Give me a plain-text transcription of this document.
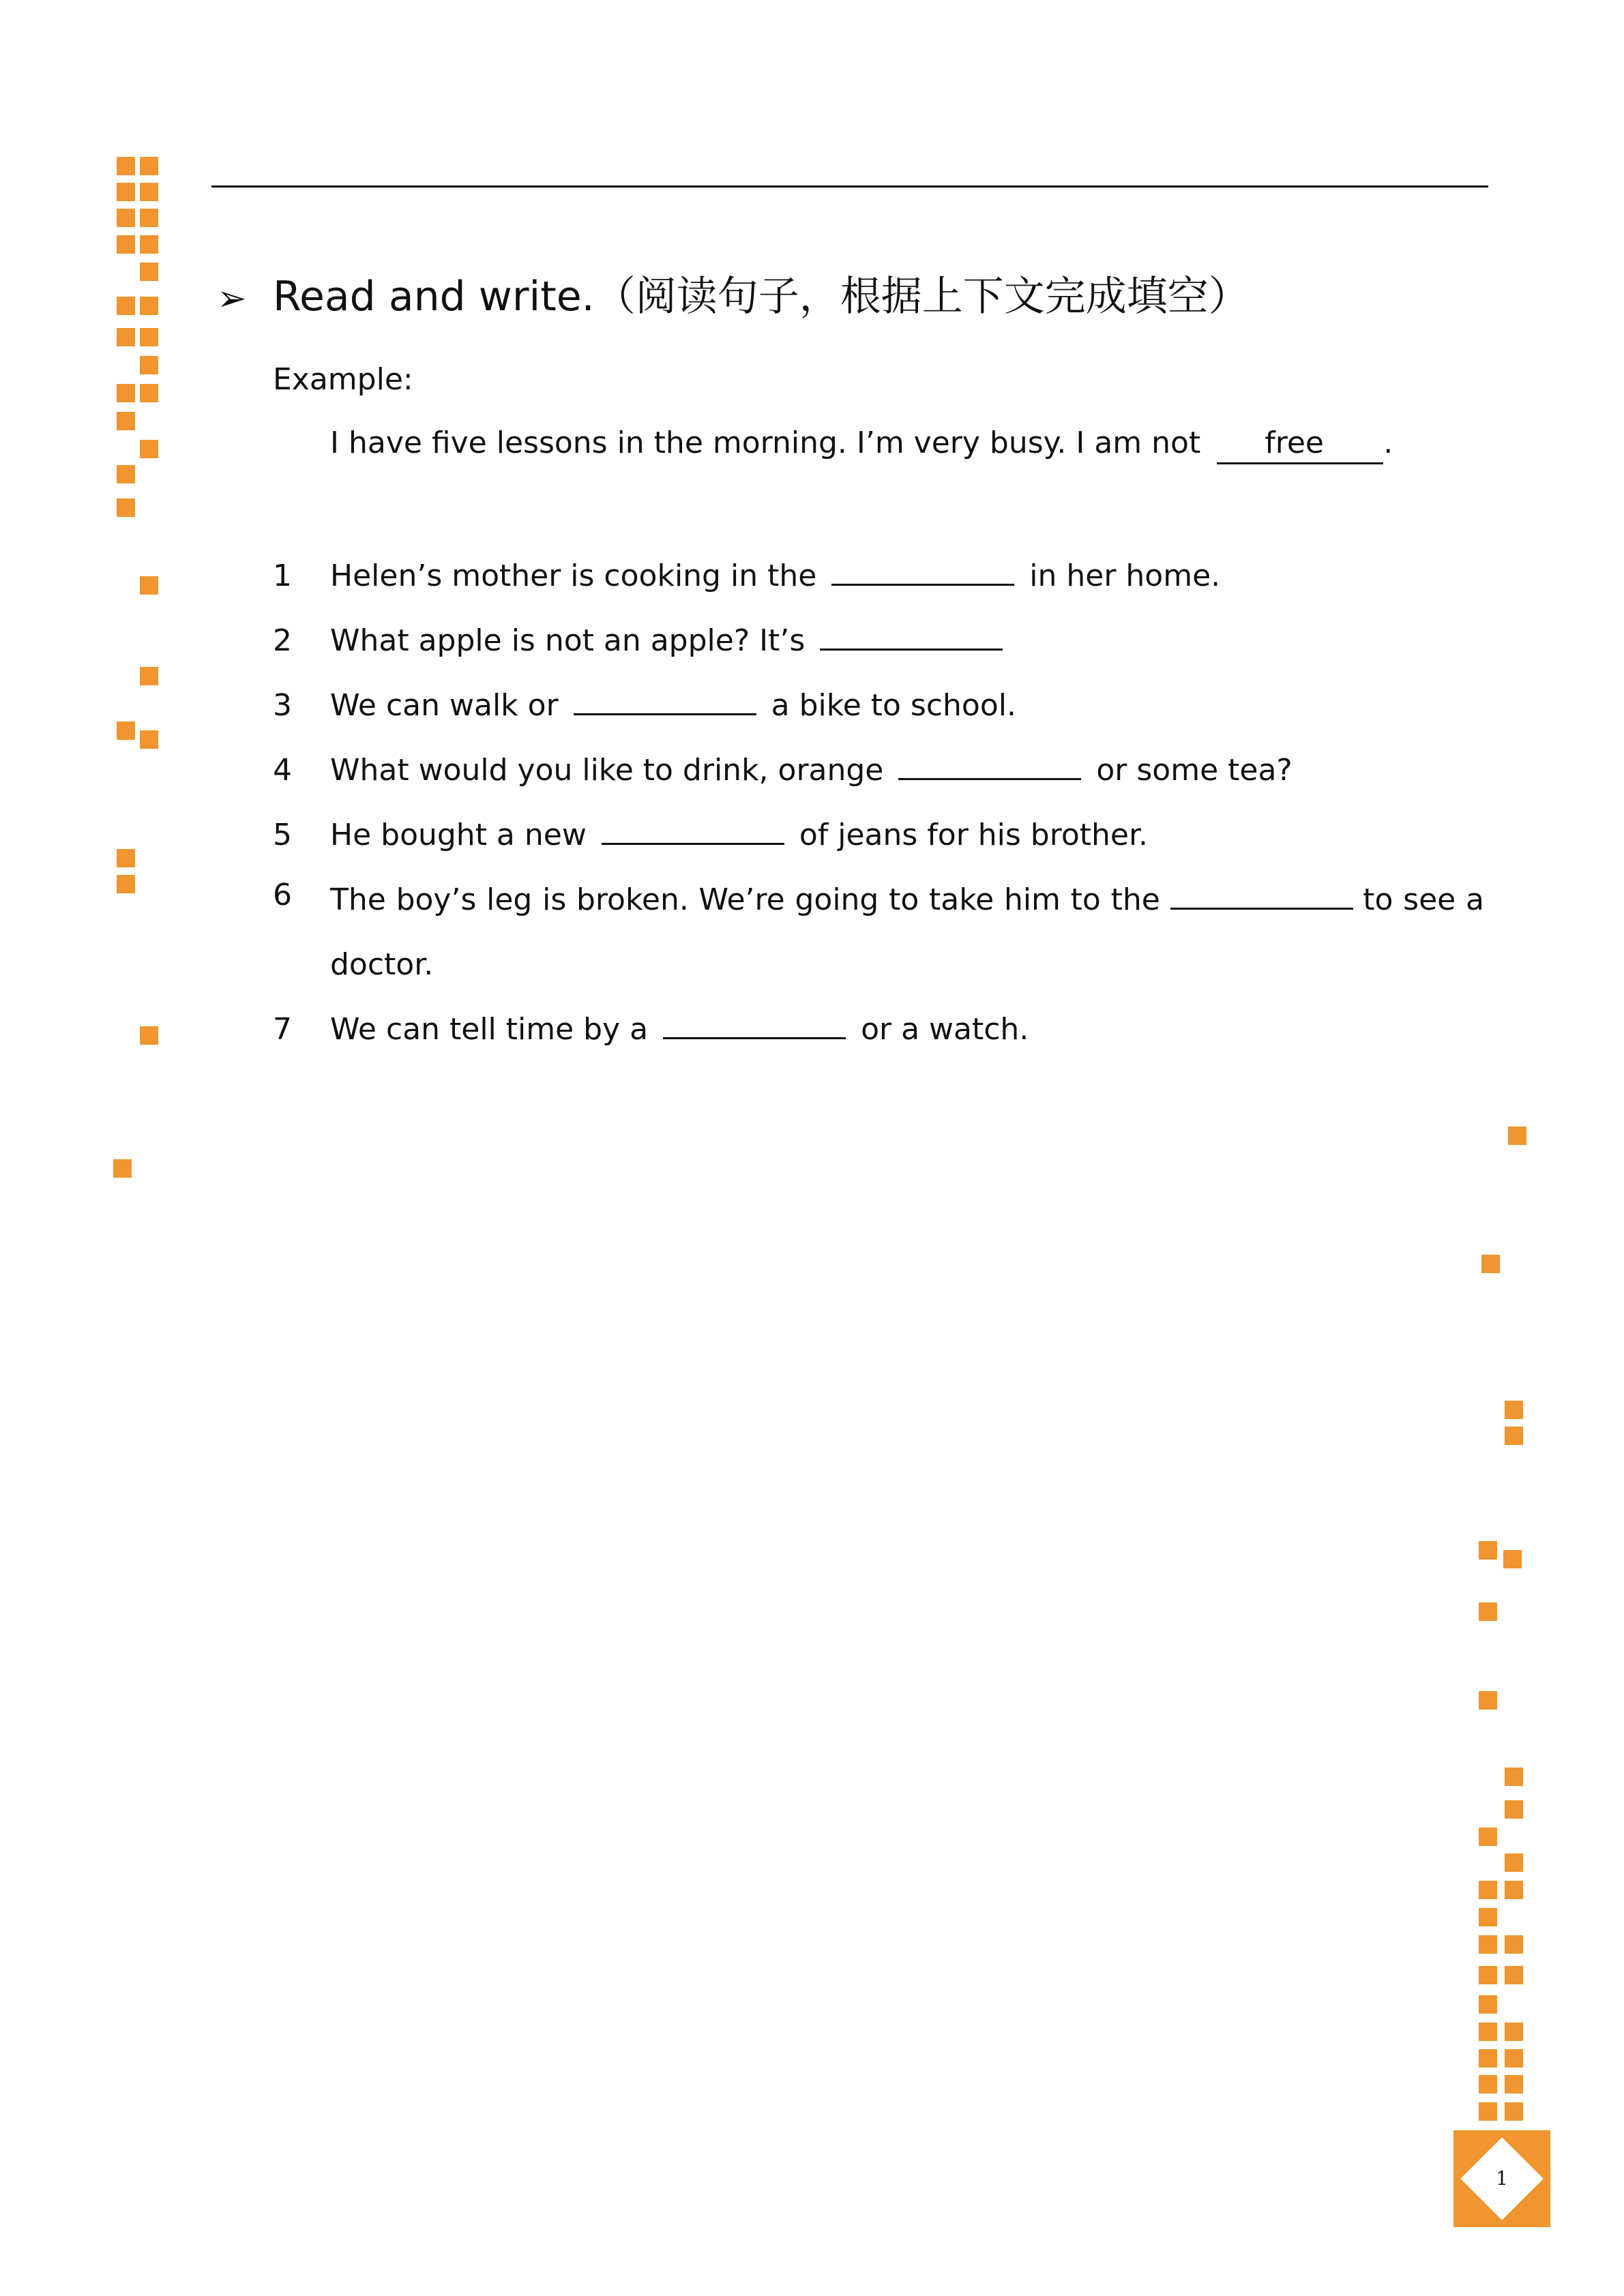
➢ Read and write.（阅读句子，根据上下文完成填空）
Example:
I have five lessons in the morning. I’m very busy. I am not free .
1 Helen’s mother is cooking in the	in her home.
2 What apple is not an apple? It’s
3 We can walk or	a bike to school.
4 What would you like to drink, orange	or some tea?
5 He bought a new	of jeans for his brother.
6 The boy’s leg is broken. We’re going to take him to the	to see a
doctor.
7 We can tell time by a	or a watch.
1
